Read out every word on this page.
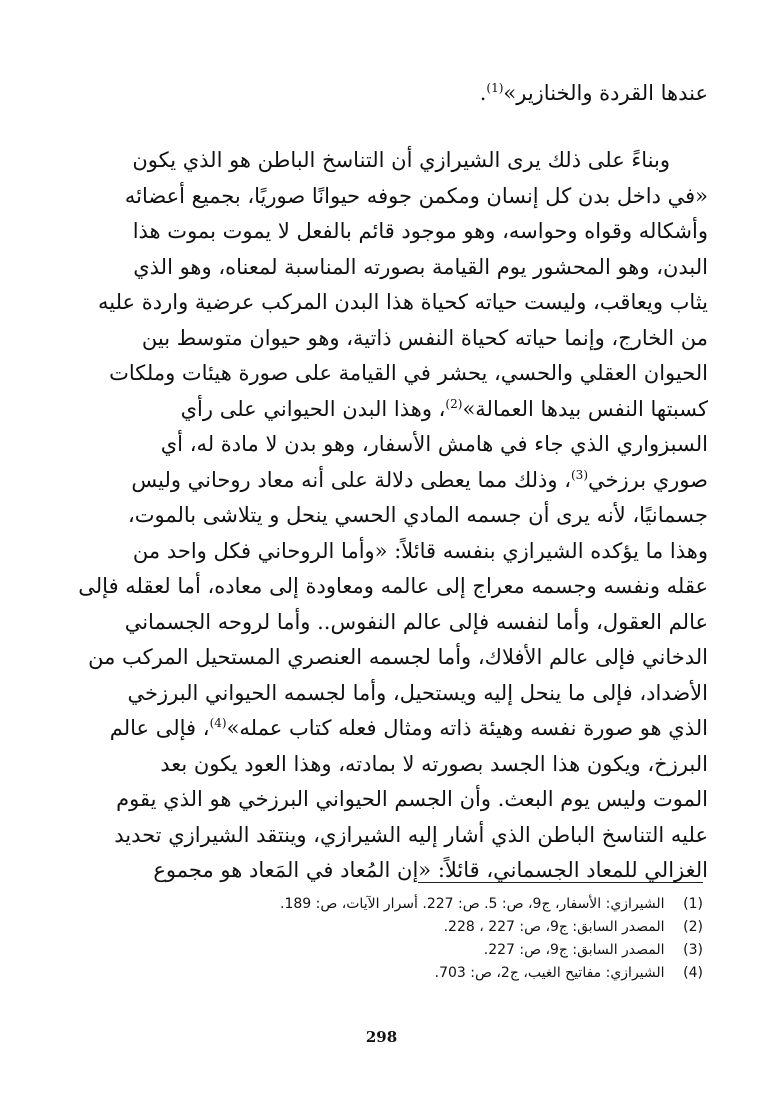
عندها القردة والخنازير»$^{(1)}$.
وبناءً على ذلك يرى الشيرازي أن التناسخ الباطن هو الذي يكون
«في داخل بدن كل إنسان ومكمن جوفه حيوانًا صوريًا، بجميع أعضائه
وأشكاله وقواه وحواسه، وهو موجود قائم بالفعل لا يموت بموت هذا
البدن، وهو المحشور يوم القيامة بصورته المناسبة لمعناه، وهو الذي
يثاب ويعاقب، وليست حياته كحياة هذا البدن المركب عرضية واردة عليه
من الخارج، وإنما حياته كحياة النفس ذاتية، وهو حيوان متوسط بين
الحيوان العقلي والحسي، يحشر في القيامة على صورة هيئات وملكات
كسبتها النفس بيدها العمالة»$^{(2)}$، وهذا البدن الحيواني على رأي
السبزواري الذي جاء في هامش الأسفار، وهو بدن لا مادة له، أي
صوري برزخي$^{(3)}$، وذلك مما يعطى دلالة على أنه معاد روحاني وليس
جسمانيًا، لأنه يرى أن جسمه المادي الحسي ينحل و يتلاشى بالموت،
وهذا ما يؤكده الشيرازي بنفسه قائلاً: «وأما الروحاني فكل واحد من
عقله ونفسه وجسمه معراج إلى عالمه ومعاودة إلى معاده، أما لعقله فإلى
عالم العقول، وأما لنفسه فإلى عالم النفوس.. وأما لروحه الجسماني
الدخاني فإلى عالم الأفلاك، وأما لجسمه العنصري المستحيل المركب من
الأضداد، فإلى ما ينحل إليه ويستحيل، وأما لجسمه الحيواني البرزخي
الذي هو صورة نفسه وهيئة ذاته ومثال فعله كتاب عمله»$^{(4)}$، فإلى عالم
البرزخ، ويكون هذا الجسد بصورته لا بمادته، وهذا العود يكون بعد
الموت وليس يوم البعث. وأن الجسم الحيواني البرزخي هو الذي يقوم
عليه التناسخ الباطن الذي أشار إليه الشيرازي، وينتقد الشيرازي تحديد
الغزالي للمعاد الجسماني، قائلاً: «إن المُعاد في المَعاد هو مجموع
(1) الشيرازي: الأسفار، ج9، ص: 5. ص: 227. أسرار الآيات، ص: 189.
(2) المصدر السابق: ج9، ص: 227 ، 228.
(3) المصدر السابق: ج9، ص: 227.
(4) الشيرازي: مفاتيح الغيب، ج2، ص: 703.
298
